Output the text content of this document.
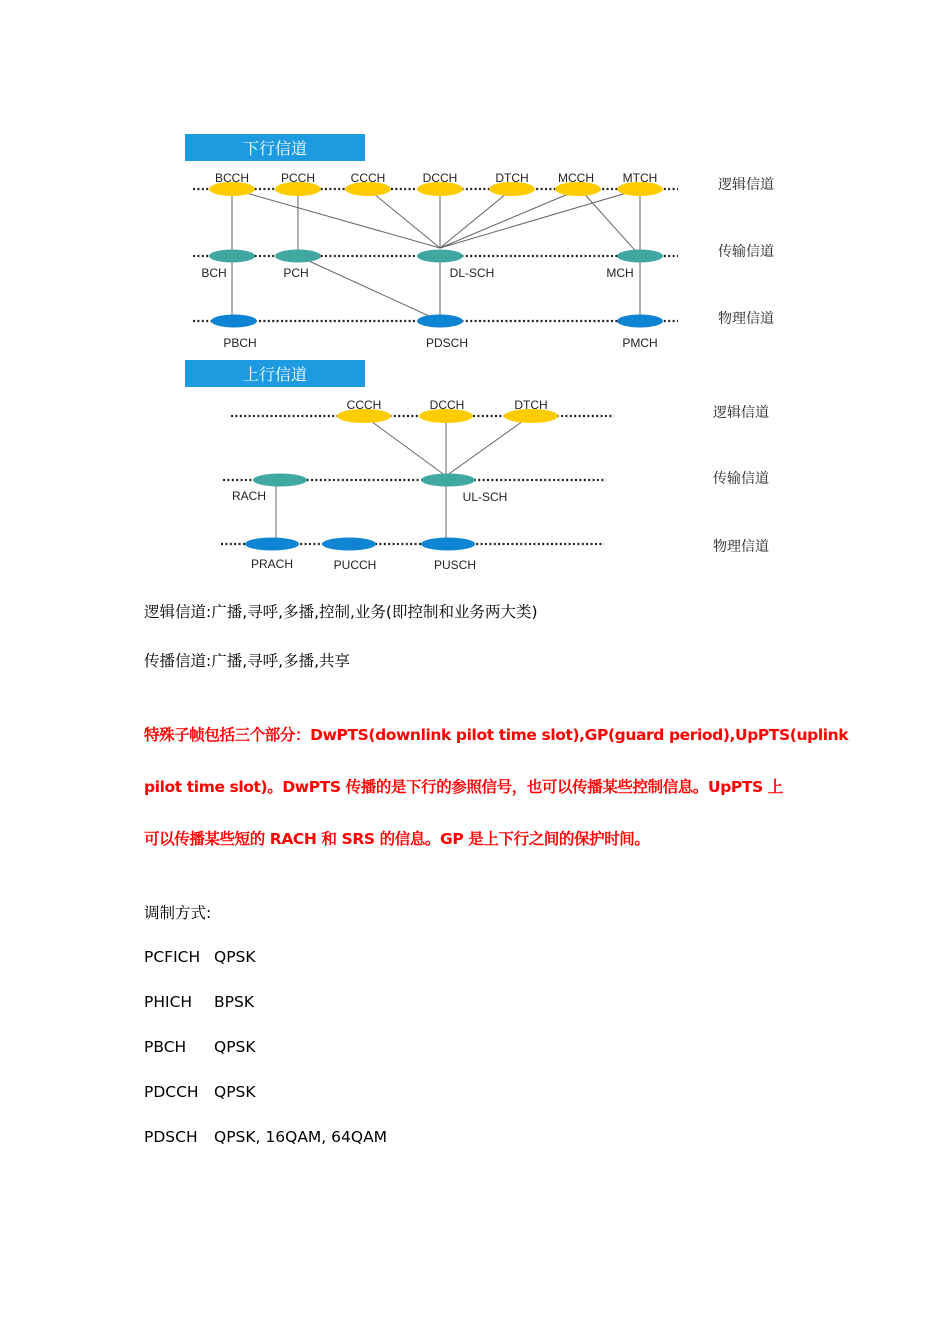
下行信道
BCCH	PCCH	CCCH	DCCH	DTCH MCCH MTCH
BCH	PCH	DL-SCH	MCH
PBCH	PDSCH	PMCH
逻辑信道
传输信道
物理信道
上行信道
CCCH	DCCH	DTCH
RACH	UL-SCH
PRACH	PUCCH	PUSCH
逻辑信道
传输信道
物理信道
逻辑信道:广播,寻呼,多播,控制,业务(即控制和业务两大类)
传播信道:广播,寻呼,多播,共享
特殊子帧包括三个部分：DwPTS(downlink pilot time slot),GP(guard period),UpPTS(uplink
pilot time slot)。DwPTS 传播的是下行的参照信号，也可以传播某些控制信息。UpPTS 上
可以传播某些短的 RACH 和 SRS 的信息。GP 是上下行之间的保护时间。
调制方式:
PCFICH QPSK
PHICH BPSK
PBCH QPSK
PDCCH QPSK
PDSCH QPSK, 16QAM, 64QAM
